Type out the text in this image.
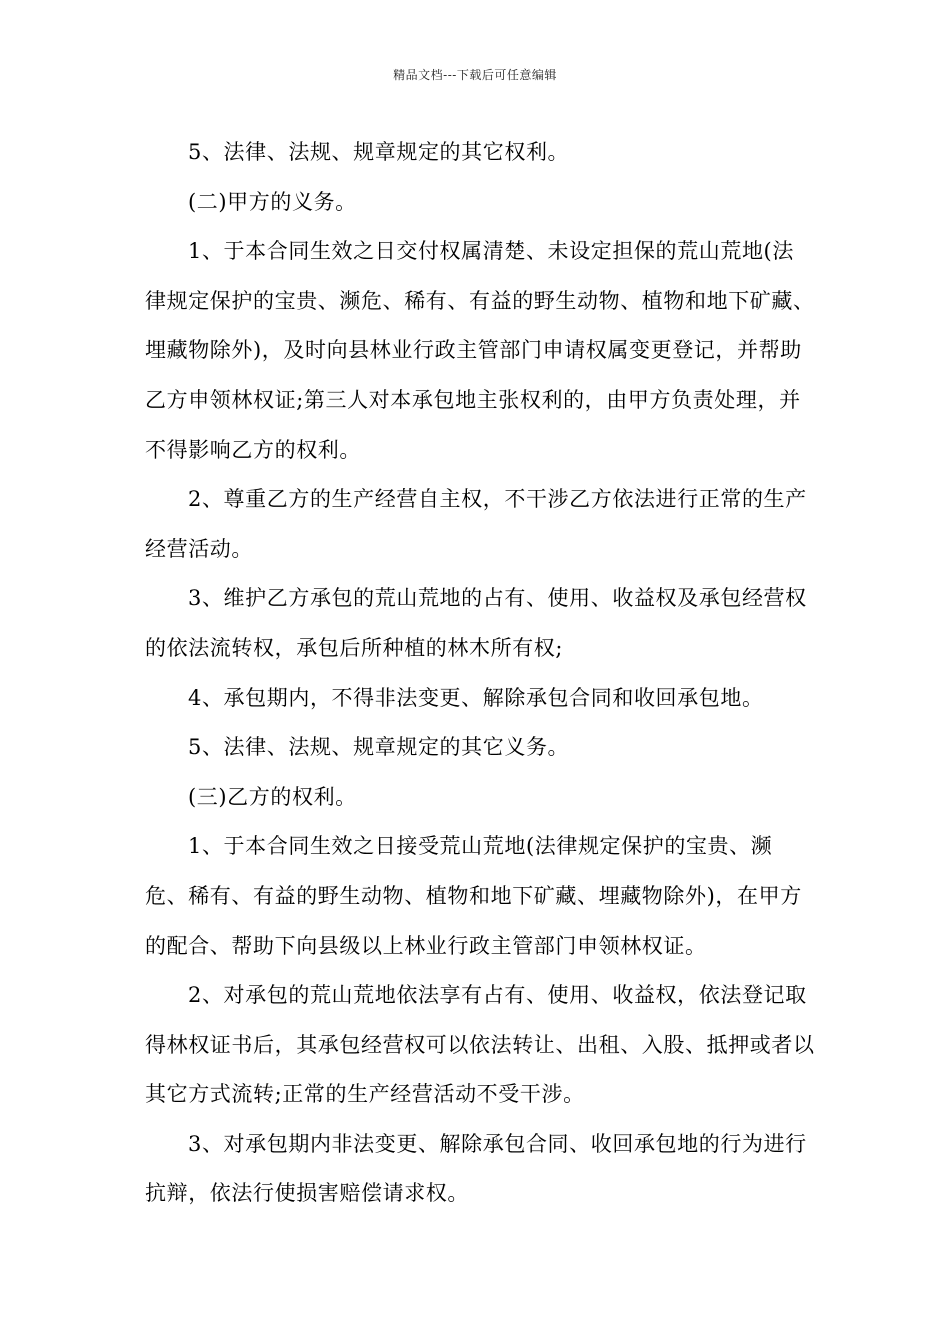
精品文档---下载后可任意编辑

5、法律、法规、规章规定的其它权利。

(二)甲方的义务。

1、于本合同生效之日交付权属清楚、未设定担保的荒山荒地(法律规定保护的宝贵、濒危、稀有、有益的野生动物、植物和地下矿藏、埋藏物除外)，及时向县林业行政主管部门申请权属变更登记，并帮助乙方申领林权证;第三人对本承包地主张权利的，由甲方负责处理，并不得影响乙方的权利。

2、尊重乙方的生产经营自主权，不干涉乙方依法进行正常的生产经营活动。

3、维护乙方承包的荒山荒地的占有、使用、收益权及承包经营权的依法流转权，承包后所种植的林木所有权;

4、承包期内，不得非法变更、解除承包合同和收回承包地。

5、法律、法规、规章规定的其它义务。

(三)乙方的权利。

1、于本合同生效之日接受荒山荒地(法律规定保护的宝贵、濒危、稀有、有益的野生动物、植物和地下矿藏、埋藏物除外)，在甲方的配合、帮助下向县级以上林业行政主管部门申领林权证。

2、对承包的荒山荒地依法享有占有、使用、收益权，依法登记取得林权证书后，其承包经营权可以依法转让、出租、入股、抵押或者以其它方式流转;正常的生产经营活动不受干涉。

3、对承包期内非法变更、解除承包合同、收回承包地的行为进行抗辩，依法行使损害赔偿请求权。
